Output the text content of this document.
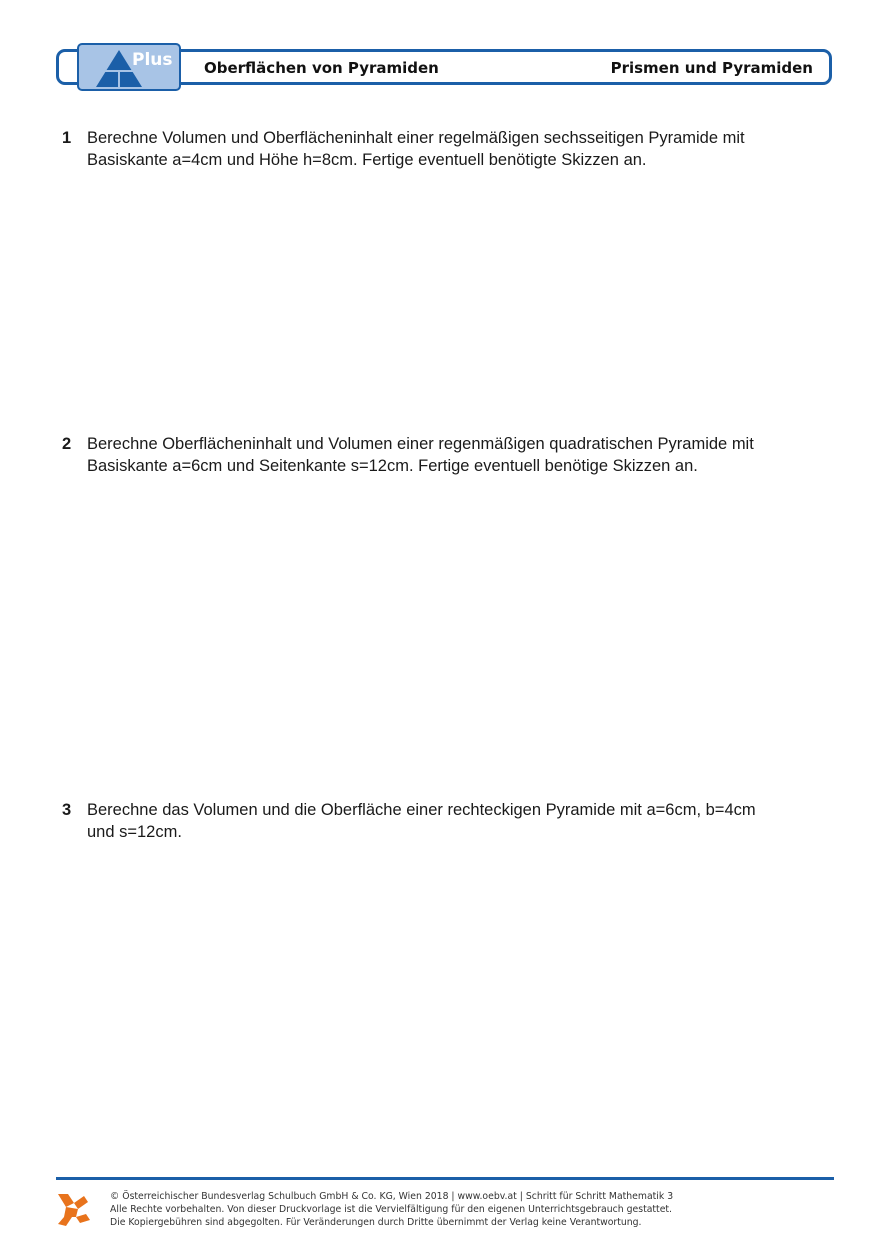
Plus Oberflächen von Pyramiden	Prismen und Pyramiden
1 Berechne Volumen und Oberflächeninhalt einer regelmäßigen sechsseitigen Pyramide mit
Basiskante a=4cm und Höhe h=8cm. Fertige eventuell benötigte Skizzen an.
2 Berechne Oberflächeninhalt und Volumen einer regenmäßigen quadratischen Pyramide mit
Basiskante a=6cm und Seitenkante s=12cm. Fertige eventuell benötige Skizzen an.
3 Berechne das Volumen und die Oberfläche einer rechteckigen Pyramide mit a=6cm, b=4cm
und s=12cm.
© Österreichischer Bundesverlag Schulbuch GmbH & Co. KG, Wien 2018 | www.oebv.at | Schritt für Schritt Mathematik 3
Alle Rechte vorbehalten. Von dieser Druckvorlage ist die Vervielfältigung für den eigenen Unterrichtsgebrauch gestattet.
Die Kopiergebühren sind abgegolten. Für Veränderungen durch Dritte übernimmt der Verlag keine Verantwortung.
